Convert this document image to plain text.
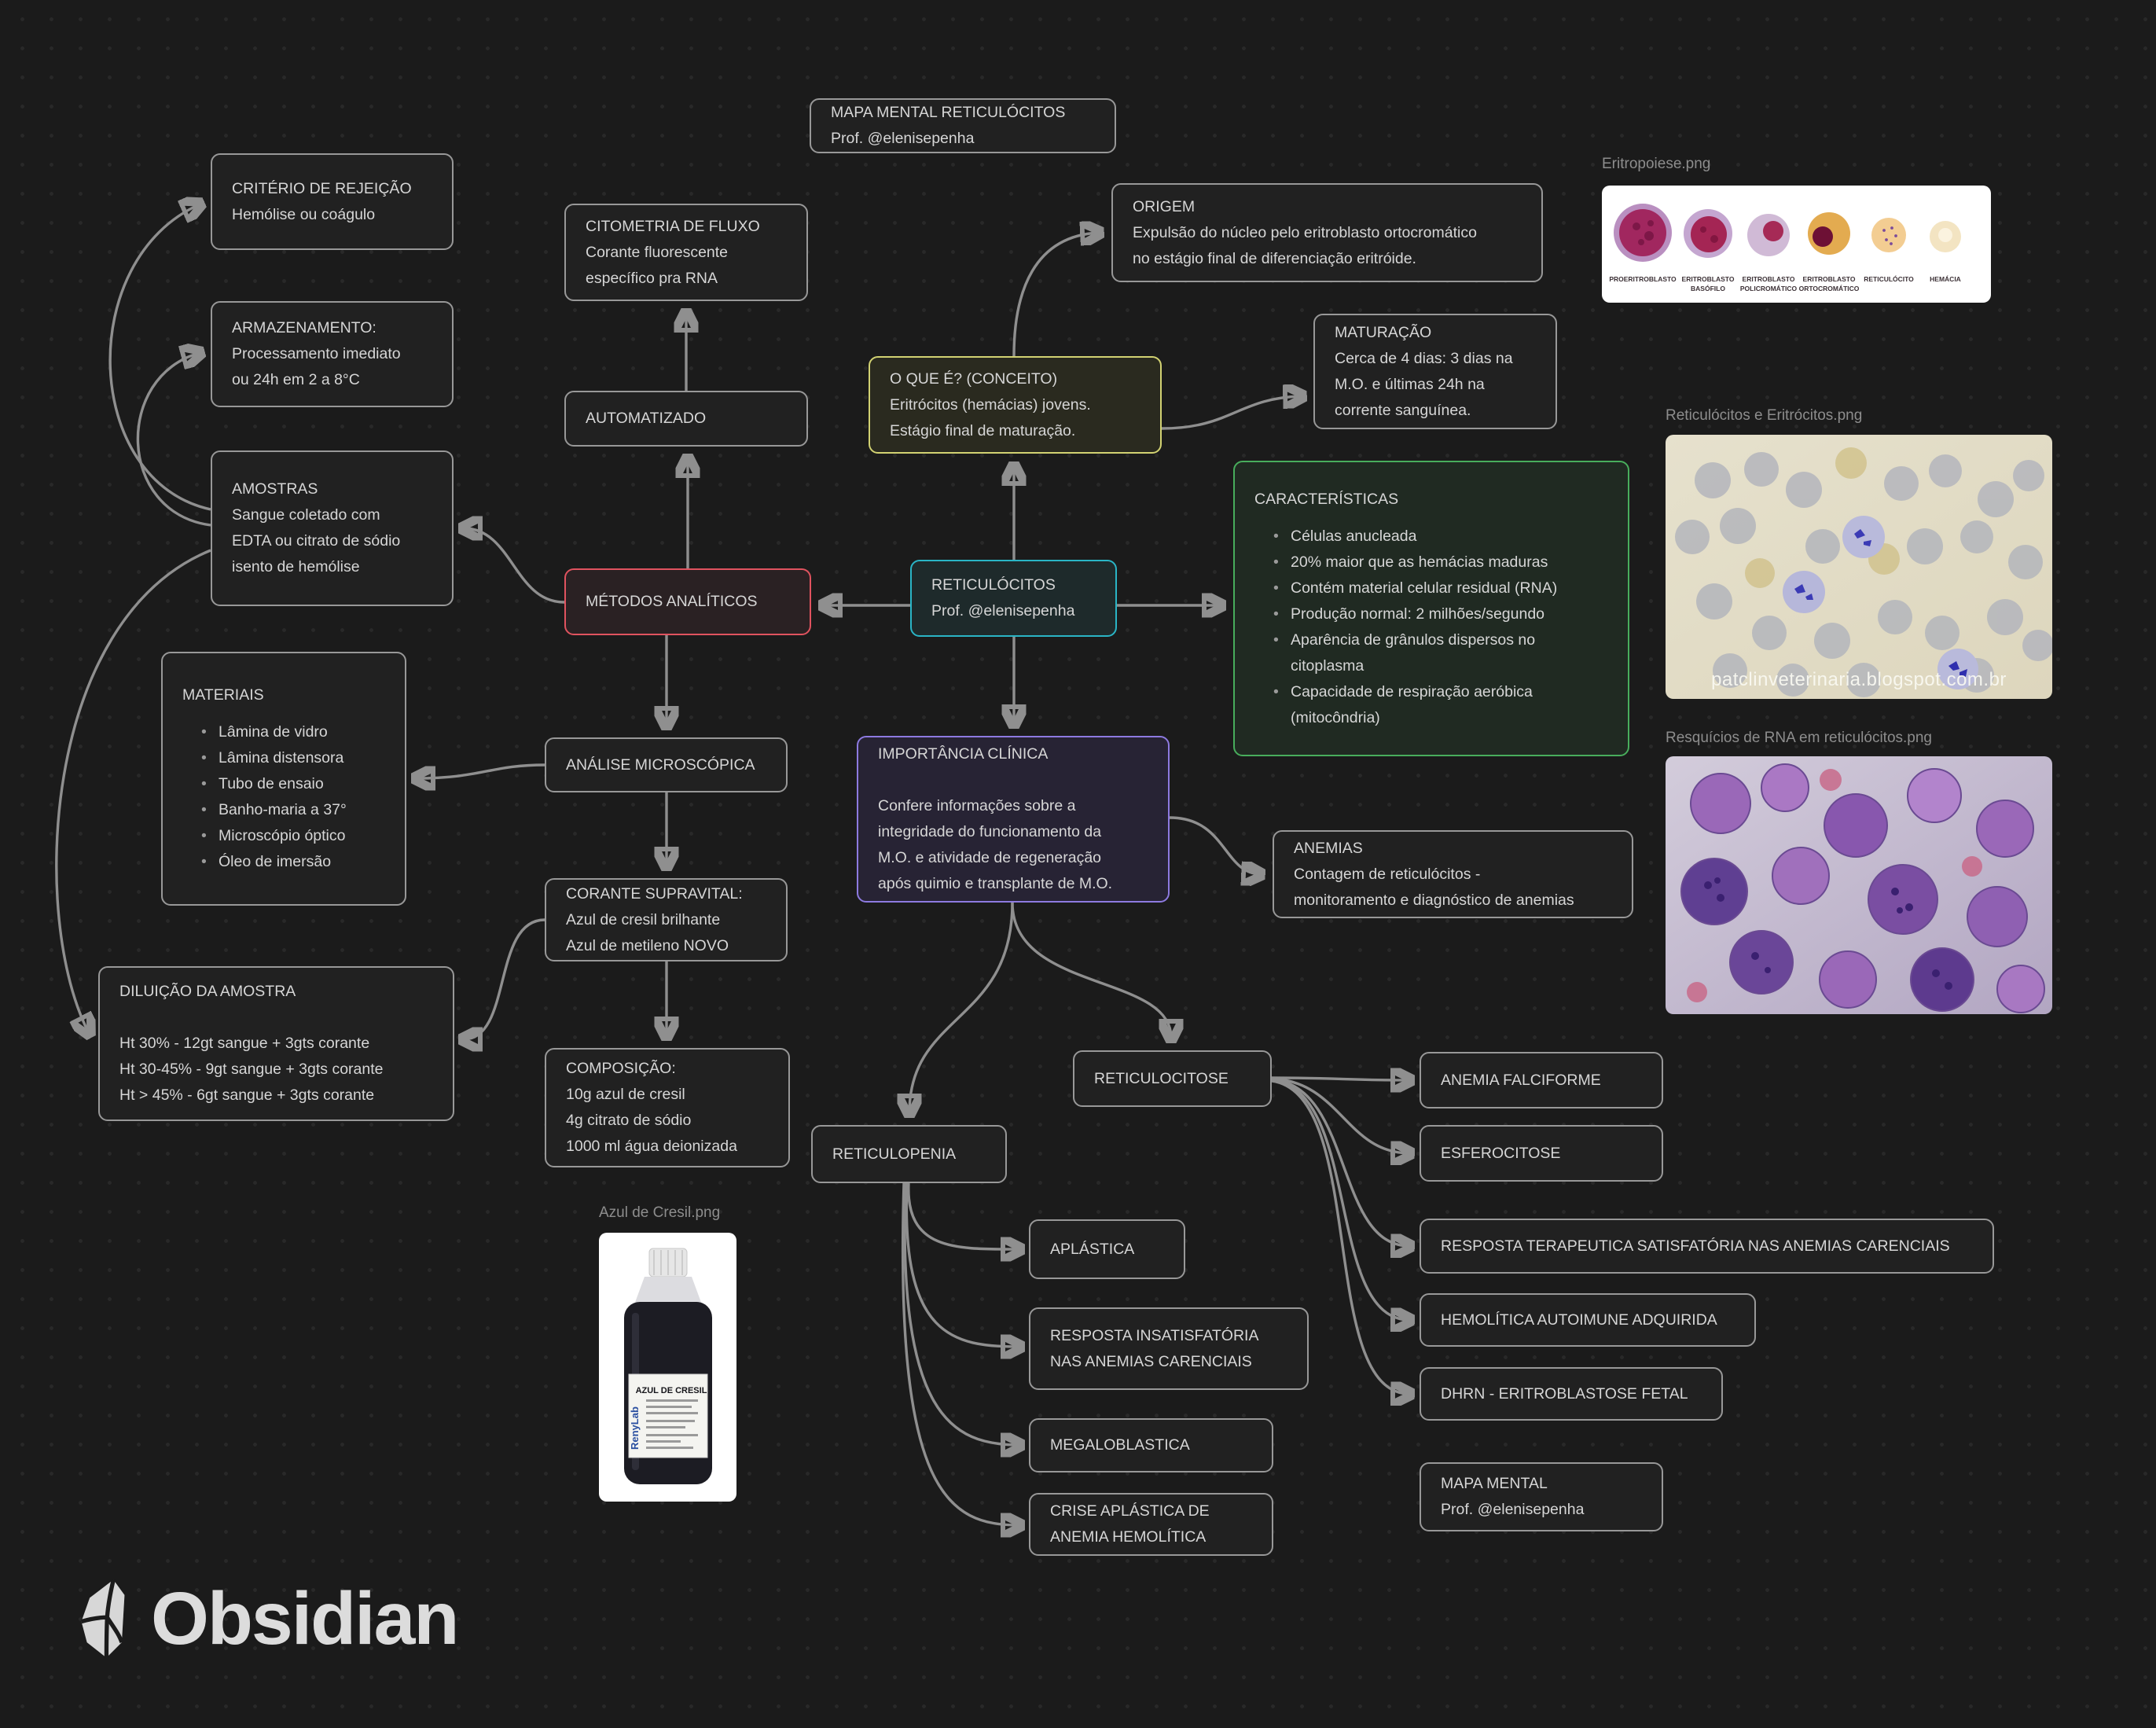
MAPA MENTAL RETICULÓCITOS
Prof. @elenisepenha
CRITÉRIO DE REJEIÇÃO
Hemólise ou coágulo
ARMAZENAMENTO:
Processamento imediato
ou 24h em 2 a 8°C
AMOSTRAS
Sangue coletado com
EDTA ou citrato de sódio
isento de hemólise
MATERIAIS
• Lâmina de vidro
• Lâmina distensora
• Tubo de ensaio
• Banho-maria a 37°
• Microscópio óptico
• Óleo de imersão
DILUIÇÃO DA AMOSTRA

Ht 30% - 12gt sangue + 3gts corante
Ht 30-45% - 9gt sangue + 3gts corante
Ht > 45% - 6gt sangue + 3gts corante
CITOMETRIA DE FLUXO
Corante fluorescente
específico pra RNA
AUTOMATIZADO
MÉTODOS ANALÍTICOS
RETICULÓCITOS
Prof. @elenisepenha
O QUE É? (CONCEITO)
Eritrócitos (hemácias) jovens.
Estágio final de maturação.
ORIGEM
Expulsão do núcleo pelo eritroblasto ortocromático
no estágio final de diferenciação eritróide.
MATURAÇÃO
Cerca de 4 dias: 3 dias na
M.O. e últimas 24h na
corrente sanguínea.
CARACTERÍSTICAS
• Células anucleada
• 20% maior que as hemácias maduras
• Contém material celular residual (RNA)
• Produção normal: 2 milhões/segundo
• Aparência de grânulos dispersos no citoplasma
• Capacidade de respiração aeróbica (mitocôndria)
ANÁLISE MICROSCÓPICA
CORANTE SUPRAVITAL:
Azul de cresil brilhante
Azul de metileno NOVO
IMPORTÂNCIA CLÍNICA

Confere informações sobre a
integridade do funcionamento da
M.O. e atividade de regeneração
após quimio e transplante de M.O.
ANEMIAS
Contagem de reticulócitos -
monitoramento e diagnóstico de anemias
COMPOSIÇÃO:
10g azul de cresil
4g citrato de sódio
1000 ml água deionizada
RETICULOCITOSE
RETICULOPENIA
APLÁSTICA
RESPOSTA INSATISFATÓRIA
NAS ANEMIAS CARENCIAIS
MEGALOBLASTICA
CRISE APLÁSTICA DE
ANEMIA HEMOLÍTICA
ANEMIA FALCIFORME
ESFEROCITOSE
RESPOSTA TERAPEUTICA SATISFATÓRIA NAS ANEMIAS CARENCIAIS
HEMOLÍTICA AUTOIMUNE ADQUIRIDA
DHRN - ERITROBLASTOSE FETAL
MAPA MENTAL
Prof. @elenisepenha
Eritropoiese.png
PROERITROBLASTO ERITROBLASTO
BASÓFILO
ERITROBLASTO
POLICROMÁTICO
ERITROBLASTO
ORTOCROMÁTICO
RETICULÓCITO HEMÁCIA
Reticulócitos e Eritrócitos.png
patclinveterinaria.blogspot.com.br
Resquícios de RNA em reticulócitos.png
Azul de Cresil.png
RenyLab
AZUL DE CRESIL
Obsidian
